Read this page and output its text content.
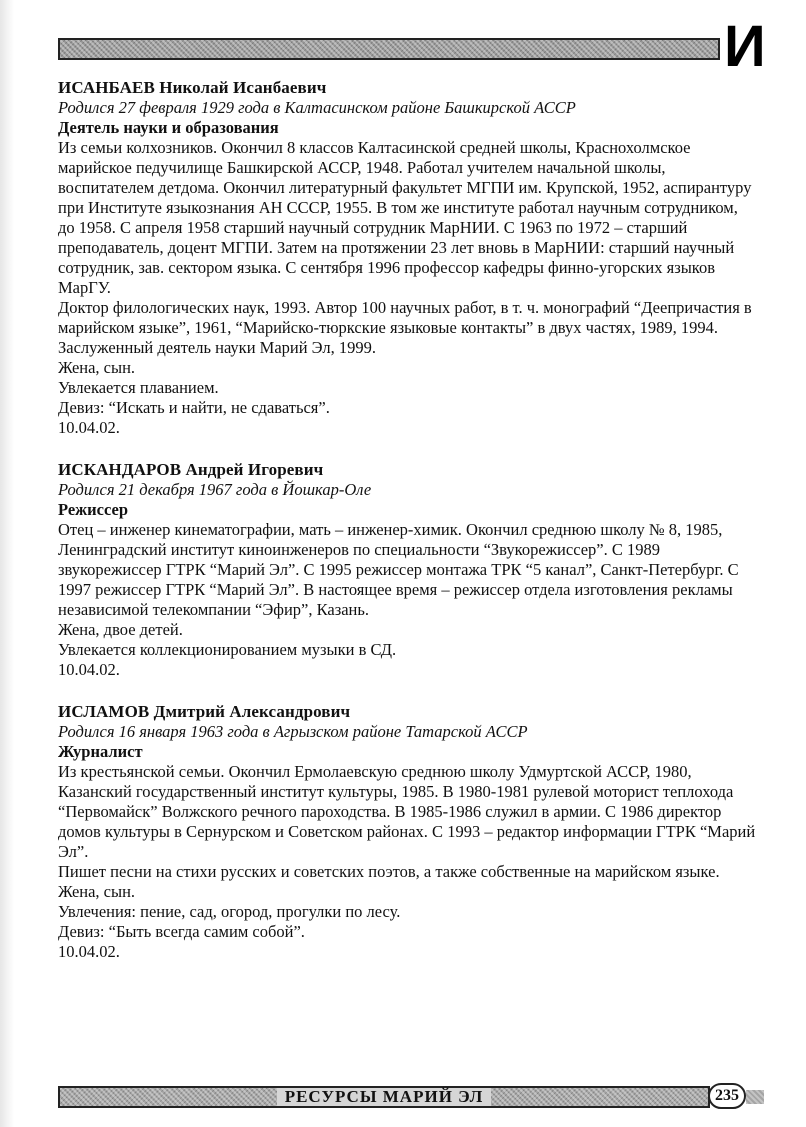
И
ИСАНБАЕВ Николай Исанбаевич
Родился 27 февраля 1929 года в Калтасинском районе Башкирской АССР
Деятель науки и образования

Из семьи колхозников. Окончил 8 классов Калтасинской средней школы, Краснохолмское марийское педучилище Башкирской АССР, 1948. Работал учителем начальной школы, воспитателем детдома. Окончил литературный факультет МГПИ им. Крупской, 1952, аспирантуру при Институте языкознания АН СССР, 1955. В том же институте работал научным сотрудником, до 1958. С апреля 1958 старший научный сотрудник МарНИИ. С 1963 по 1972 – старший преподаватель, доцент МГПИ. Затем на протяжении 23 лет вновь в МарНИИ: старший научный сотрудник, зав. сектором языка. С сентября 1996 профессор кафедры финно-угорских языков МарГУ.

Доктор филологических наук, 1993. Автор 100 научных работ, в т. ч. монографий “Деепричастия в марийском языке”, 1961, “Марийско-тюркские языковые контакты” в двух частях, 1989, 1994.

Заслуженный деятель науки Марий Эл, 1999.

Жена, сын.

Увлекается плаванием.

Девиз: “Искать и найти, не сдаваться”.

10.04.02.

ИСКАНДАРОВ Андрей Игоревич
Родился 21 декабря 1967 года в Йошкар-Оле
Режиссер

Отец – инженер кинематографии, мать – инженер-химик. Окончил среднюю школу № 8, 1985, Ленинградский институт киноинженеров по специальности “Звукорежиссер”. С 1989 звукорежиссер ГТРК “Марий Эл”. С 1995 режиссер монтажа ТРК “5 канал”, Санкт-Петербург. С 1997 режиссер ГТРК “Марий Эл”. В настоящее время – режиссер отдела изготовления рекламы независимой телекомпании “Эфир”, Казань.

Жена, двое детей.

Увлекается коллекционированием музыки в СД.

10.04.02.

ИСЛАМОВ Дмитрий Александрович
Родился 16 января 1963 года в Агрызском районе Татарской АССР
Журналист

Из крестьянской семьи. Окончил Ермолаевскую среднюю школу Удмуртской АССР, 1980, Казанский государственный институт культуры, 1985. В 1980-1981 рулевой моторист теплохода “Первомайск” Волжского речного пароходства. В 1985-1986 служил в армии. С 1986 директор домов культуры в Сернурском и Советском районах. С 1993 – редактор информации ГТРК “Марий Эл”.

Пишет песни на стихи русских и советских поэтов, а также собственные на марийском языке.

Жена, сын.

Увлечения: пение, сад, огород, прогулки по лесу.

Девиз: “Быть всегда самим собой”.

10.04.02.

РЕСУРСЫ МАРИЙ ЭЛ	235
